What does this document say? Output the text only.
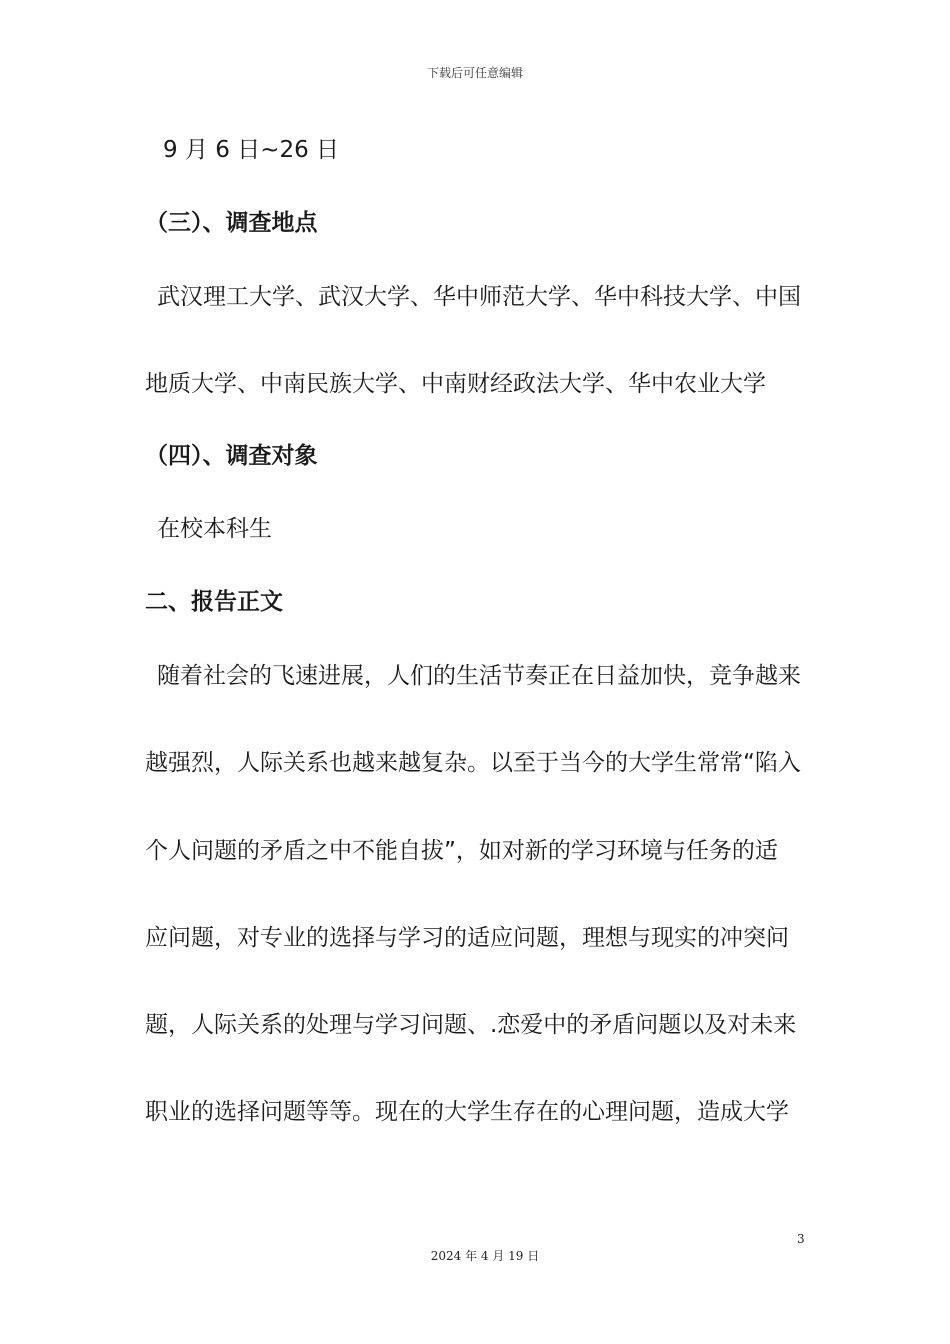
下载后可任意编辑
9 月 6 日~26 日
（三）、调查地点
武汉理工大学、武汉大学、华中师范大学、华中科技大学、中国
地质大学、中南民族大学、中南财经政法大学、华中农业大学
（四）、调查对象
在校本科生
二、报告正文
随着社会的飞速进展，人们的生活节奏正在日益加快，竞争越来
越强烈，人际关系也越来越复杂。以至于当今的大学生常常“陷入
个人问题的矛盾之中不能自拔”，如对新的学习环境与任务的适
应问题，对专业的选择与学习的适应问题，理想与现实的冲突问
题，人际关系的处理与学习问题、.恋爱中的矛盾问题以及对未来
职业的选择问题等等。现在的大学生存在的心理问题，造成大学
3
2024 年 4 月 19 日
